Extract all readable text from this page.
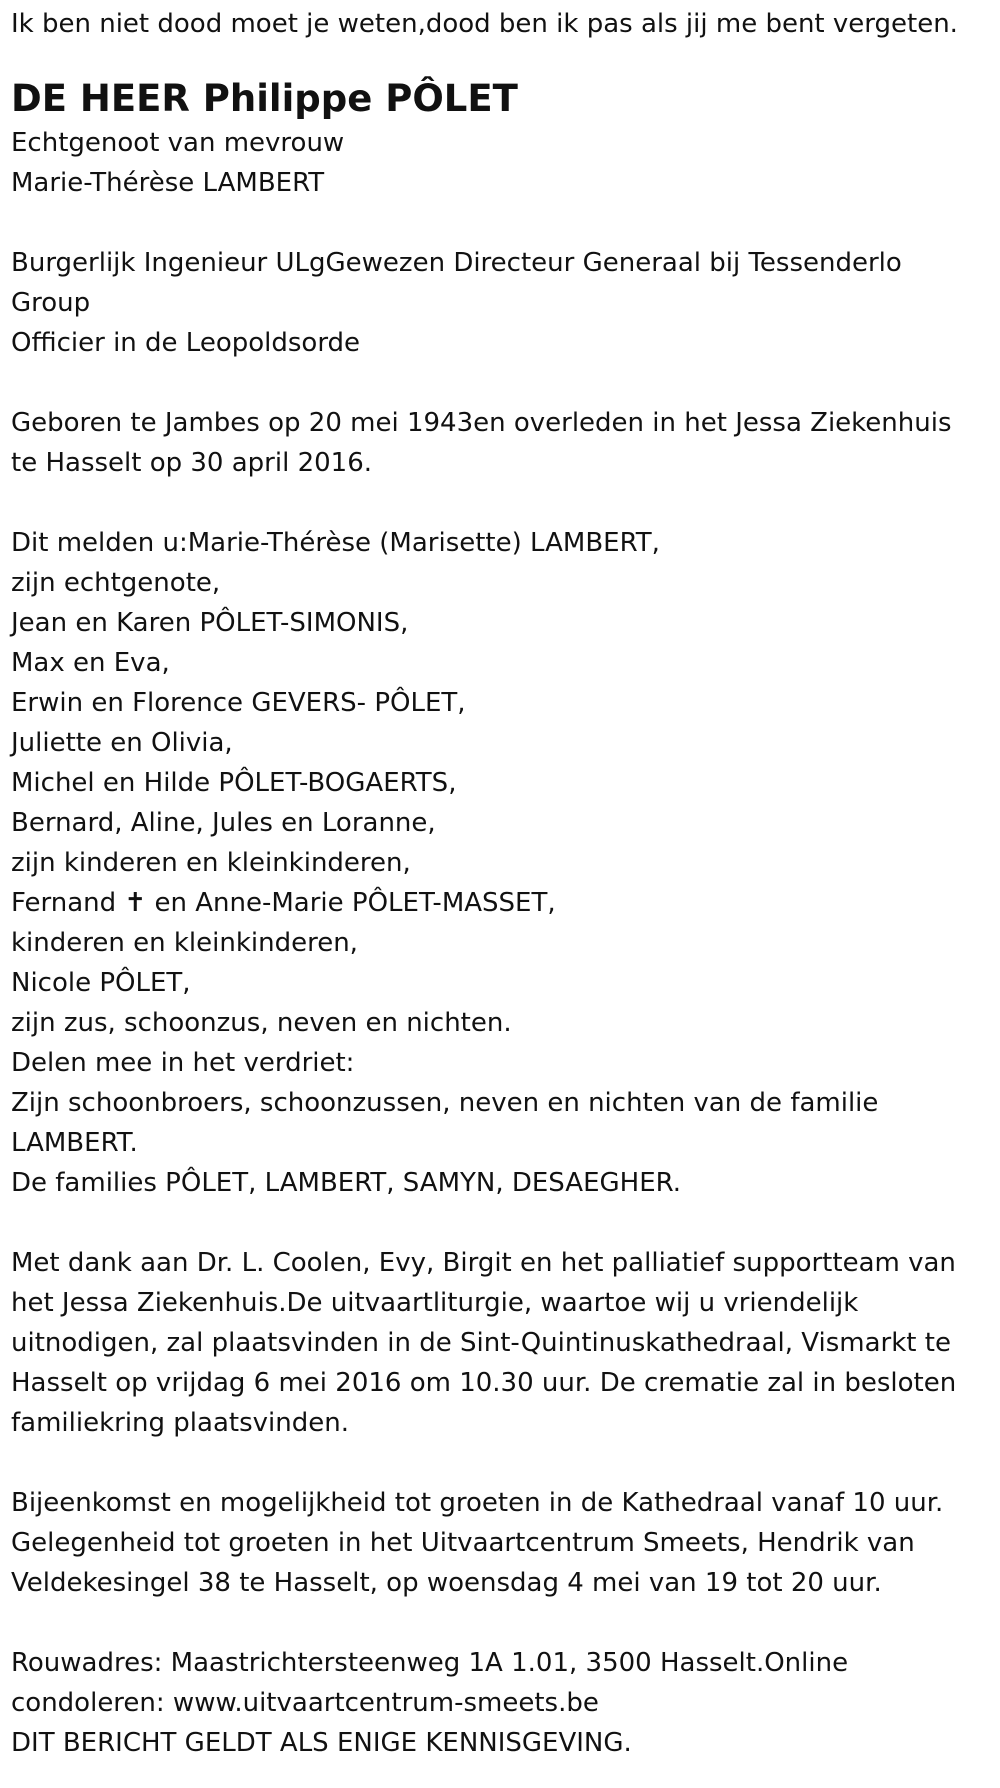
Ik ben niet dood moet je weten,dood ben ik pas als jij me bent vergeten.

DE HEER Philippe PÔLET

Echtgenoot van mevrouw

Marie-Thérèse LAMBERT

Burgerlijk Ingenieur ULgGewezen Directeur Generaal bij Tessenderlo

Group

Officier in de Leopoldsorde

Geboren te Jambes op 20 mei 1943en overleden in het Jessa Ziekenhuis

te Hasselt op 30 april 2016.

Dit melden u:Marie-Thérèse (Marisette) LAMBERT,

zijn echtgenote,

Jean en Karen PÔLET-SIMONIS,

Max en Eva,

Erwin en Florence GEVERS- PÔLET,

Juliette en Olivia,

Michel en Hilde PÔLET-BOGAERTS,

Bernard, Aline, Jules en Loranne,

zijn kinderen en kleinkinderen,

Fernand ✝ en Anne-Marie PÔLET-MASSET,

kinderen en kleinkinderen,

Nicole PÔLET,

zijn zus, schoonzus, neven en nichten.

Delen mee in het verdriet:

Zijn schoonbroers, schoonzussen, neven en nichten van de familie

LAMBERT.

De families PÔLET, LAMBERT, SAMYN, DESAEGHER.

Met dank aan Dr. L. Coolen, Evy, Birgit en het palliatief supportteam van

het Jessa Ziekenhuis.De uitvaartliturgie, waartoe wij u vriendelijk

uitnodigen, zal plaatsvinden in de Sint-Quintinuskathedraal, Vismarkt te

Hasselt op vrijdag 6 mei 2016 om 10.30 uur. De crematie zal in besloten

familiekring plaatsvinden.

Bijeenkomst en mogelijkheid tot groeten in de Kathedraal vanaf 10 uur.

Gelegenheid tot groeten in het Uitvaartcentrum Smeets, Hendrik van

Veldekesingel 38 te Hasselt, op woensdag 4 mei van 19 tot 20 uur.

Rouwadres: Maastrichtersteenweg 1A 1.01, 3500 Hasselt.Online

condoleren: www.uitvaartcentrum-smeets.be

DIT BERICHT GELDT ALS ENIGE KENNISGEVING.
